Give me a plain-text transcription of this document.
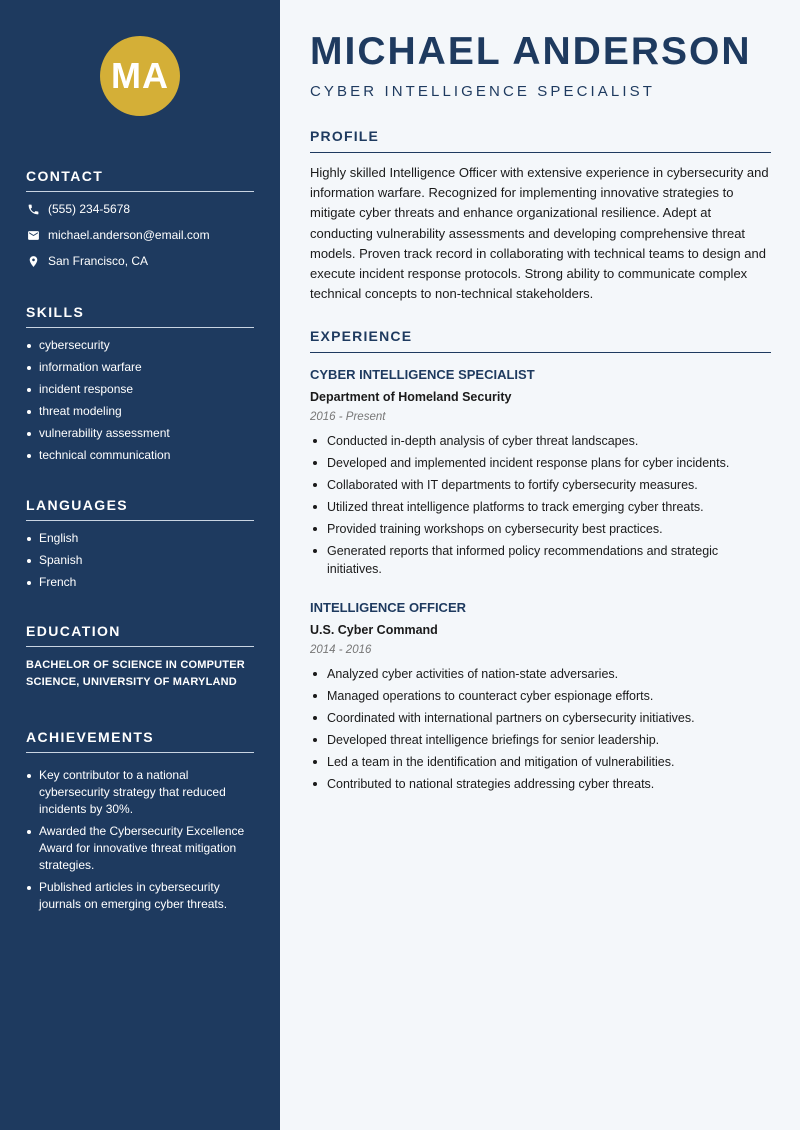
MA
CONTACT
(555) 234-5678
michael.anderson@email.com
San Francisco, CA
SKILLS
cybersecurity
information warfare
incident response
threat modeling
vulnerability assessment
technical communication
LANGUAGES
English
Spanish
French
EDUCATION
BACHELOR OF SCIENCE IN COMPUTER SCIENCE, UNIVERSITY OF MARYLAND
ACHIEVEMENTS
Key contributor to a national cybersecurity strategy that reduced incidents by 30%.
Awarded the Cybersecurity Excellence Award for innovative threat mitigation strategies.
Published articles in cybersecurity journals on emerging cyber threats.
MICHAEL ANDERSON
CYBER INTELLIGENCE SPECIALIST
PROFILE
Highly skilled Intelligence Officer with extensive experience in cybersecurity and information warfare. Recognized for implementing innovative strategies to mitigate cyber threats and enhance organizational resilience. Adept at conducting vulnerability assessments and developing comprehensive threat models. Proven track record in collaborating with technical teams to design and execute incident response protocols. Strong ability to communicate complex technical concepts to non-technical stakeholders.
EXPERIENCE
CYBER INTELLIGENCE SPECIALIST
Department of Homeland Security
2016 - Present
Conducted in-depth analysis of cyber threat landscapes.
Developed and implemented incident response plans for cyber incidents.
Collaborated with IT departments to fortify cybersecurity measures.
Utilized threat intelligence platforms to track emerging cyber threats.
Provided training workshops on cybersecurity best practices.
Generated reports that informed policy recommendations and strategic initiatives.
INTELLIGENCE OFFICER
U.S. Cyber Command
2014 - 2016
Analyzed cyber activities of nation-state adversaries.
Managed operations to counteract cyber espionage efforts.
Coordinated with international partners on cybersecurity initiatives.
Developed threat intelligence briefings for senior leadership.
Led a team in the identification and mitigation of vulnerabilities.
Contributed to national strategies addressing cyber threats.
